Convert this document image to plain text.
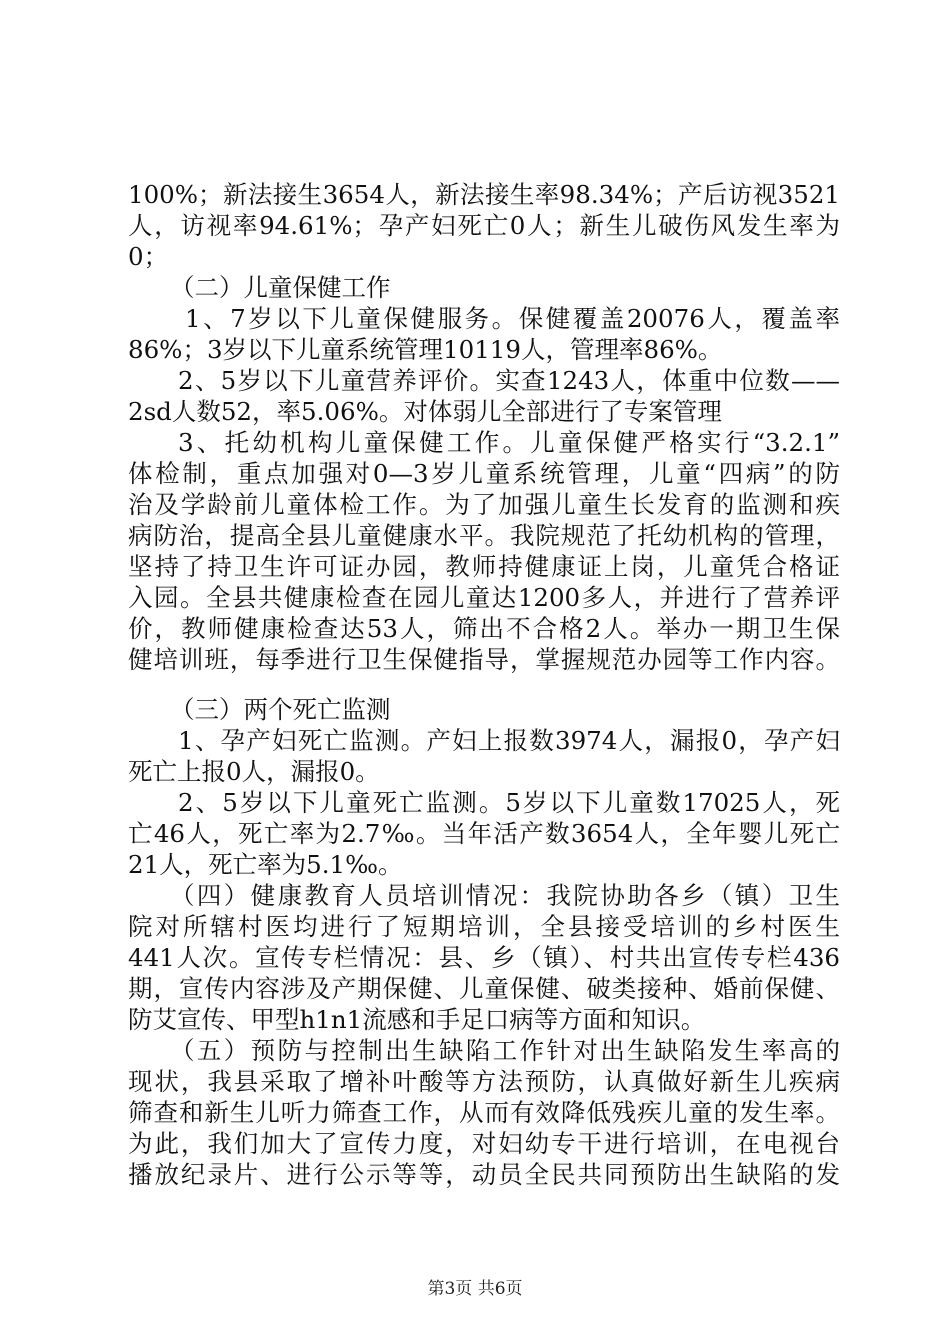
100%；新法接生3654人，新法接生率98.34%；产后访视3521
人，访视率94.61%；孕产妇死亡0人；新生儿破伤风发生率为
0；
（二）儿童保健工作
1、7岁以下儿童保健服务。保健覆盖20076人，覆盖率
86%；3岁以下儿童系统管理10119人，管理率86%。
2、5岁以下儿童营养评价。实查1243人，体重中位数——
2sd人数52，率5.06%。对体弱儿全部进行了专案管理
3、托幼机构儿童保健工作。儿童保健严格实行“3.2.1”
体检制，重点加强对0—3岁儿童系统管理，儿童“四病”的防
治及学龄前儿童体检工作。为了加强儿童生长发育的监测和疾
病防治，提高全县儿童健康水平。我院规范了托幼机构的管理，
坚持了持卫生许可证办园，教师持健康证上岗，儿童凭合格证
入园。全县共健康检查在园儿童达1200多人，并进行了营养评
价，教师健康检查达53人，筛出不合格2人。举办一期卫生保
健培训班，每季进行卫生保健指导，掌握规范办园等工作内容。
（三）两个死亡监测
1、孕产妇死亡监测。产妇上报数3974人，漏报0，孕产妇
死亡上报0人，漏报0。
2、5岁以下儿童死亡监测。5岁以下儿童数17025人，死
亡46人，死亡率为2.7‰。当年活产数3654人，全年婴儿死亡
21人，死亡率为5.1‰。
（四）健康教育人员培训情况：我院协助各乡（镇）卫生
院对所辖村医均进行了短期培训，全县接受培训的乡村医生
441人次。宣传专栏情况：县、乡（镇）、村共出宣传专栏436
期，宣传内容涉及产期保健、儿童保健、破类接种、婚前保健、
防艾宣传、甲型h1n1流感和手足口病等方面和知识。
（五）预防与控制出生缺陷工作针对出生缺陷发生率高的
现状，我县采取了增补叶酸等方法预防，认真做好新生儿疾病
筛查和新生儿听力筛查工作，从而有效降低残疾儿童的发生率。
为此，我们加大了宣传力度，对妇幼专干进行培训，在电视台
播放纪录片、进行公示等等，动员全民共同预防出生缺陷的发
第3页 共6页
